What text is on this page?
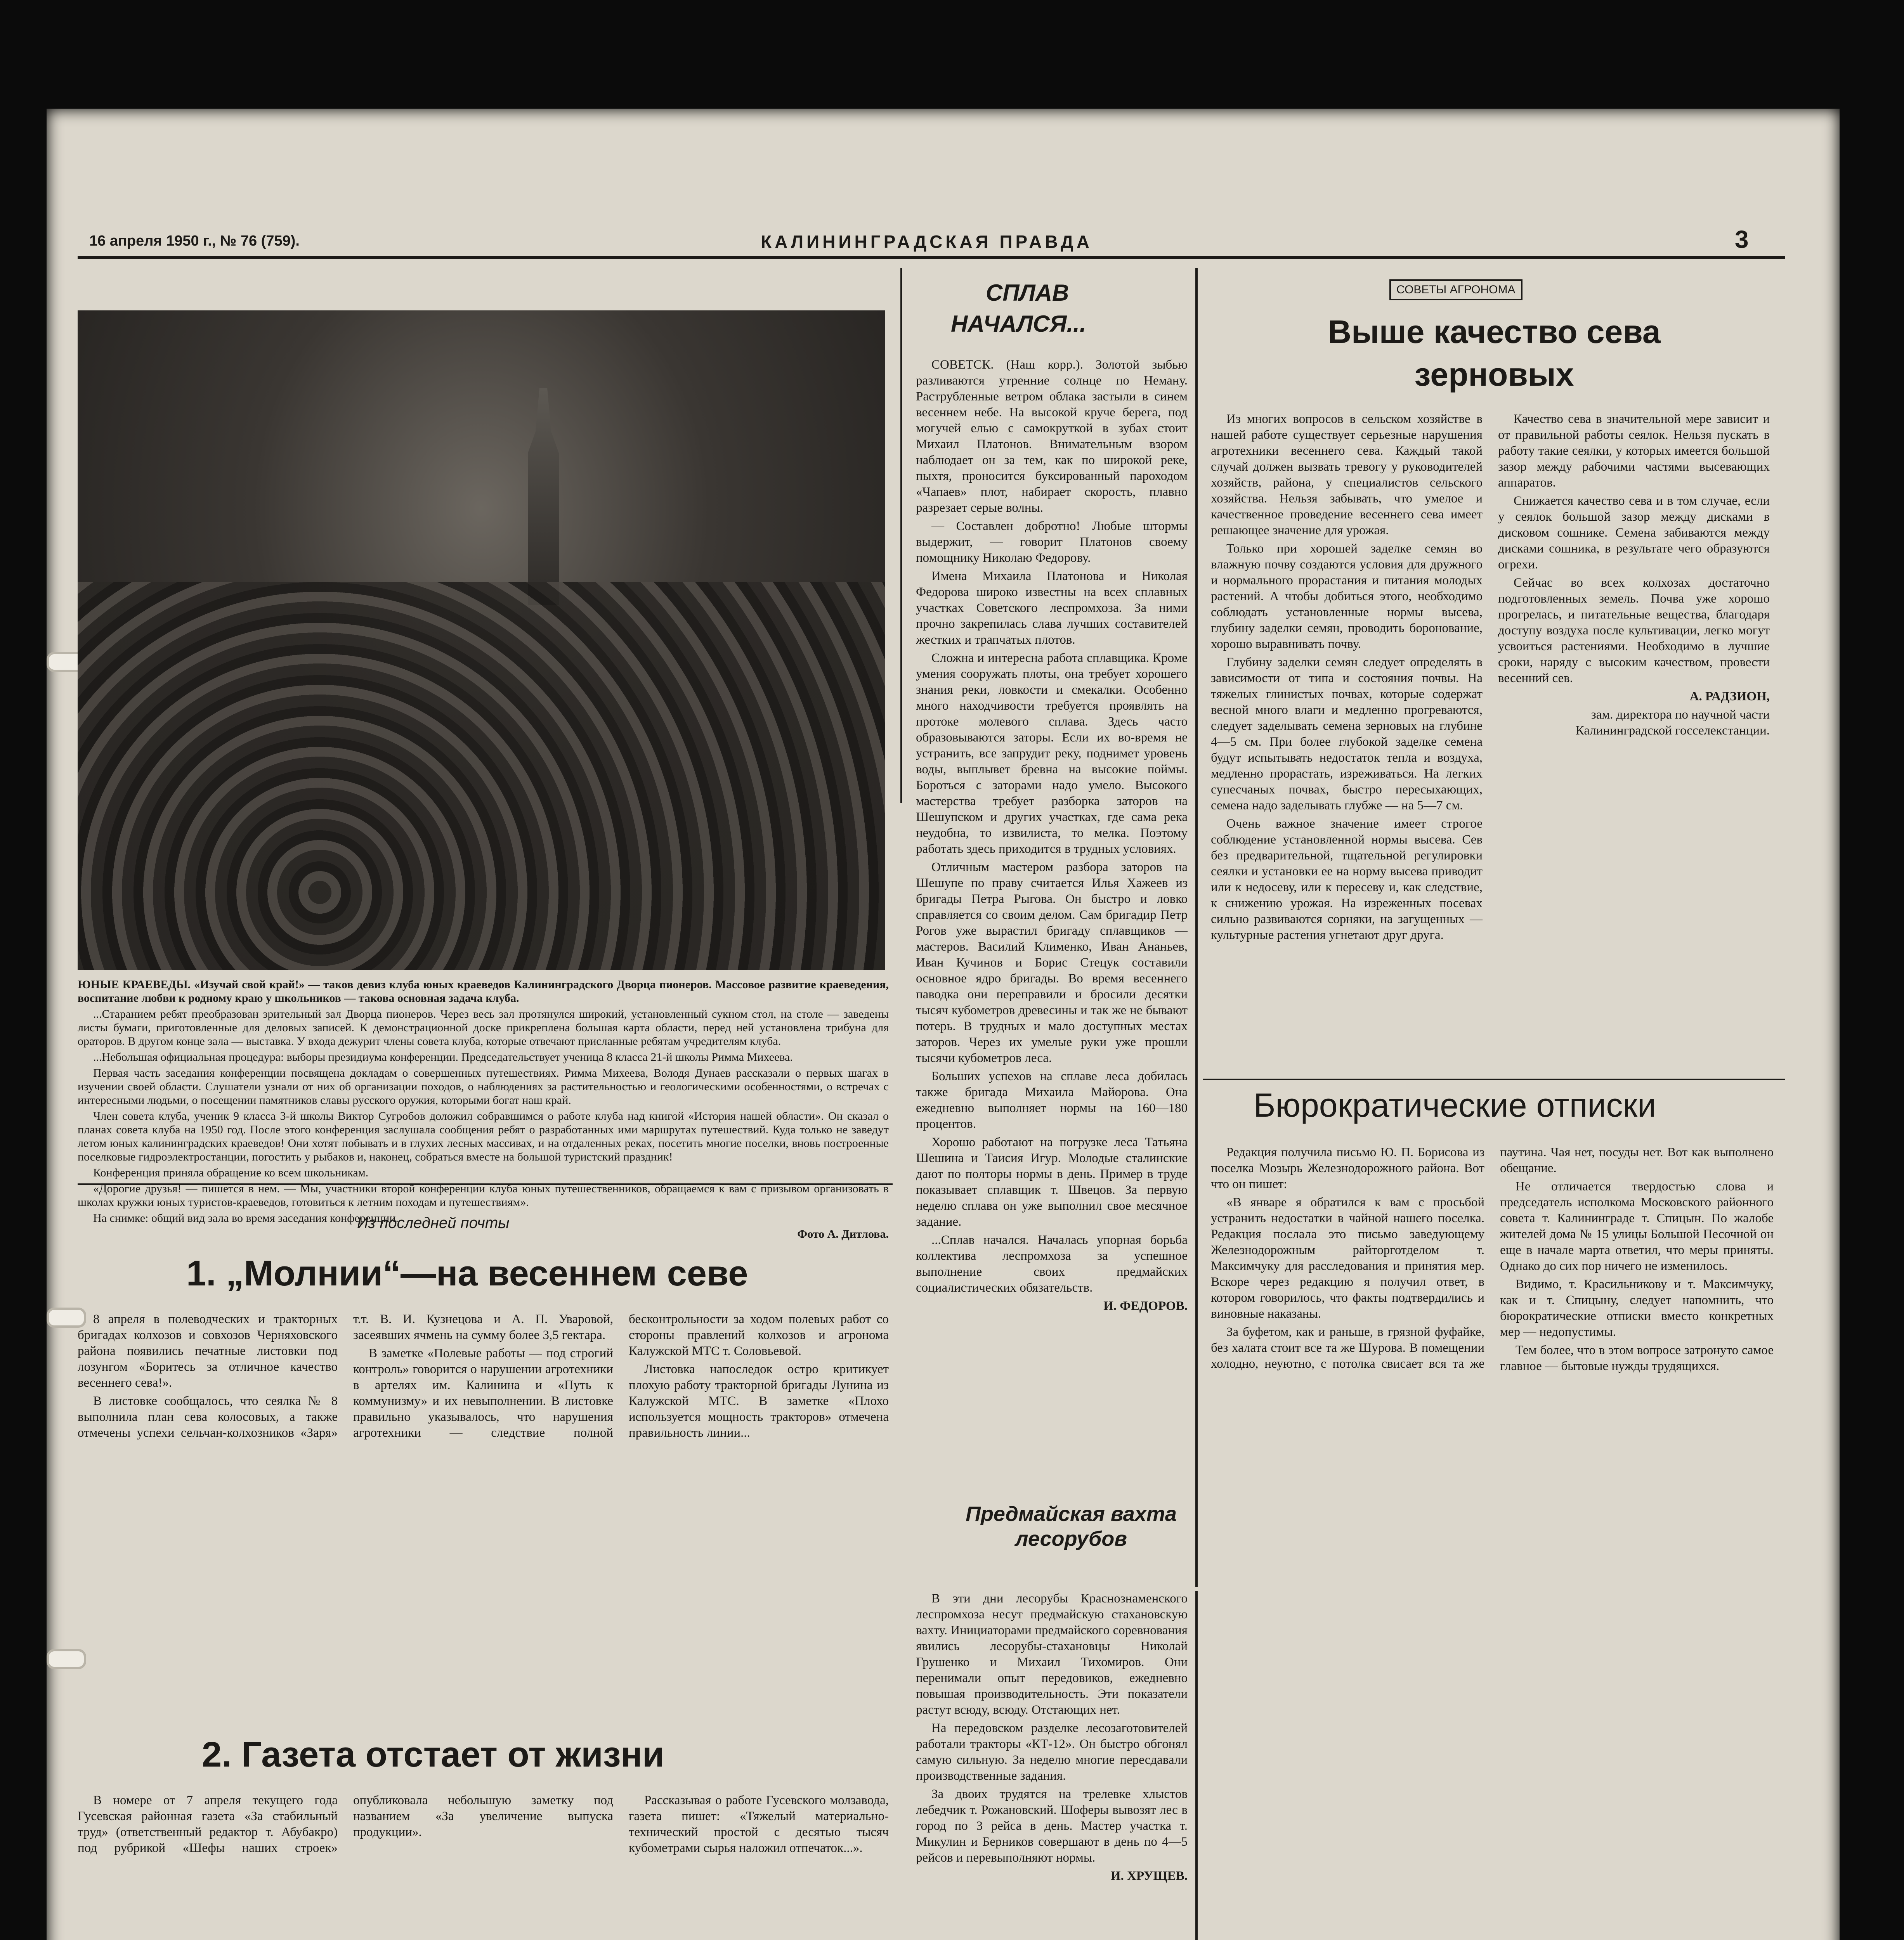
16 апреля 1950 г., № 76 (759).	КАЛИНИНГРАДСКАЯ ПРАВДА	3

ЮНЫЕ КРАЕВЕДЫ. «Изучай свой край!» — таков девиз клуба юных краеведов Калининградского Дворца пионеров. Массовое развитие краеведения, воспитание любви к родному краю у школьников — такова основная задача клуба.

...Старанием ребят преобразован зрительный зал Дворца пионеров. Через весь зал протянулся широкий, установленный сукном стол, на столе — заведены листы бумаги, приготовленные для деловых записей. К демонстрационной доске прикреплена большая карта области, перед ней установлена трибуна для ораторов. В другом конце зала — выставка. У входа дежурит члены совета клуба, которые отвечают присланные ребятам учредителям клуба.

...Небольшая официальная процедура: выборы президиума конференции. Председательствует ученица 8 класса 21-й школы Римма Михеева.

Первая часть заседания конференции посвящена докладам о совершенных путешествиях. Римма Михеева, Володя Дунаев рассказали о первых шагах в изучении своей области. Слушатели узнали от них об организации походов, о наблюдениях за растительностью и геологическими особенностями, о встречах с интересными людьми, о посещении памятников славы русского оружия, которыми богат наш край.

Член совета клуба, ученик 9 класса 3-й школы Виктор Сугробов доложил собравшимся о работе клуба над книгой «История нашей области». Он сказал о планах совета клуба на 1950 год. После этого конференция заслушала сообщения ребят о разработанных ими маршрутах путешествий. Куда только не заведут летом юных калининградских краеведов! Они хотят побывать и в глухих лесных массивах, и на отдаленных реках, посетить многие поселки, вновь построенные поселковые гидроэлектростанции, погостить у рыбаков и, наконец, собраться вместе на большой туристский праздник!

Конференция приняла обращение ко всем школьникам.

«Дорогие друзья! — пишется в нем. — Мы, участники второй конференции клуба юных путешественников, обращаемся к вам с призывом организовать в школах кружки юных туристов-краеведов, готовиться к летним походам и путешествиям».

На снимке: общий вид зала во время заседания конференции.

Фото А. Дитлова.

СПЛАВ
НАЧАЛСЯ...

СОВЕТСК. (Наш корр.). Золотой зыбью разливаются утренние солнце по Неману. Раструбленные ветром облака застыли в синем весеннем небе. На высокой круче берега, под могучей елью с самокруткой в зубах стоит Михаил Платонов. Внимательным взором наблюдает он за тем, как по широкой реке, пыхтя, проносится буксированный пароходом «Чапаев» плот, набирает скорость, плавно разрезает серые волны.

— Составлен добротно! Любые штормы выдержит, — говорит Платонов своему помощнику Николаю Федорову.

Имена Михаила Платонова и Николая Федорова широко известны на всех сплавных участках Советского леспромхоза. За ними прочно закрепилась слава лучших составителей жестких и трапчатых плотов.

Сложна и интересна работа сплавщика. Кроме умения сооружать плоты, она требует хорошего знания реки, ловкости и смекалки. Особенно много находчивости требуется проявлять на протоке молевого сплава. Здесь часто образовываются заторы. Если их во-время не устранить, все запрудит реку, поднимет уровень воды, выплывет бревна на высокие поймы. Бороться с заторами надо умело. Высокого мастерства требует разборка заторов на Шешупском и других участках, где сама река неудобна, то извилиста, то мелка. Поэтому работать здесь приходится в трудных условиях.

Отличным мастером разбора заторов на Шешупе по праву считается Илья Хажеев из бригады Петра Рыгова. Он быстро и ловко справляется со своим делом. Сам бригадир Петр Рогов уже вырастил бригаду сплавщиков — мастеров. Василий Клименко, Иван Ананьев, Иван Кучинов и Борис Стецук составили основное ядро бригады. Во время весеннего паводка они переправили и бросили десятки тысяч кубометров древесины и так же не бывают потерь. В трудных и мало доступных местах заторов. Через их умелые руки уже прошли тысячи кубометров леса.

Больших успехов на сплаве леса добилась также бригада Михаила Майорова. Она ежедневно выполняет нормы на 160—180 процентов.

Хорошо работают на погрузке леса Татьяна Шешина и Таисия Игур. Молодые сталинские дают по полторы нормы в день. Пример в труде показывает сплавщик т. Швецов. За первую неделю сплава он уже выполнил свое месячное задание.

...Сплав начался. Началась упорная борьба коллектива леспромхоза за успешное выполнение своих предмайских социалистических обязательств.

И. ФЕДОРОВ.

Предмайская вахта лесорубов

В эти дни лесорубы Краснознаменского леспромхоза несут предмайскую стахановскую вахту. Инициаторами предмайского соревнования явились лесорубы-стахановцы Николай Грушенко и Михаил Тихомиров. Они перенимали опыт передовиков, ежедневно повышая производительность. Эти показатели растут всюду, всюду. Отстающих нет.

На передовском разделке лесозаготовителей работали тракторы «КТ-12». Он быстро обгонял самую сильную. За неделю многие пересдавали производственные задания.

За двоих трудятся на трелевке хлыстов лебедчик т. Рожановский. Шоферы вывозят лес в город по 3 рейса в день. Мастер участка т. Микулин и Берников совершают в день по 4—5 рейсов и перевыполняют нормы.

И. ХРУЩЕВ.

СОВЕТЫ АГРОНОМА
Выше качество сева зерновых

Из многих вопросов в сельском хозяйстве в нашей работе существует серьезные нарушения агротехники весеннего сева. Каждый такой случай должен вызвать тревогу у руководителей хозяйств, района, у специалистов сельского хозяйства. Нельзя забывать, что умелое и качественное проведение весеннего сева имеет решающее значение для урожая.

Только при хорошей заделке семян во влажную почву создаются условия для дружного и нормального прорастания и питания молодых растений. А чтобы добиться этого, необходимо соблюдать установленные нормы высева, глубину заделки семян, проводить боронование, хорошо выравнивать почву.

Глубину заделки семян следует определять в зависимости от типа и состояния почвы. На тяжелых глинистых почвах, которые содержат весной много влаги и медленно прогреваются, следует заделывать семена зерновых на глубине 4—5 см. При более глубокой заделке семена будут испытывать недостаток тепла и воздуха, медленно прорастать, изреживаться. На легких супесчаных почвах, быстро пересыхающих, семена надо заделывать глубже — на 5—7 см.

Очень важное значение имеет строгое соблюдение установленной нормы высева. Сев без предварительной, тщательной регулировки сеялки и установки ее на норму высева приводит или к недосеву, или к пересеву и, как следствие, к снижению урожая. На изреженных посевах сильно развиваются сорняки, на загущенных — культурные растения угнетают друг друга.

Качество сева в значительной мере зависит и от правильной работы сеялок. Нельзя пускать в работу такие сеялки, у которых имеется большой зазор между рабочими частями высевающих аппаратов.

Снижается качество сева и в том случае, если у сеялок большой зазор между дисками в дисковом сошнике. Семена забиваются между дисками сошника, в результате чего образуются огрехи.

Сейчас во всех колхозах достаточно подготовленных земель. Почва уже хорошо прогрелась, и питательные вещества, благодаря доступу воздуха после культивации, легко могут усвоиться растениями. Необходимо в лучшие сроки, наряду с высоким качеством, провести весенний сев.

А. РАДЗИОН,

зам. директора по научной части Калининградской госселекстанции.

Из последней почты
1. „Молнии“—на весеннем севе

8 апреля в полеводческих и тракторных бригадах колхозов и совхозов Черняховского района появились печатные листовки под лозунгом «Боритесь за отличное качество весеннего сева!».

В листовке сообщалось, что сеялка № 8 выполнила план сева колосовых, а также отмечены успехи сельчан-колхозников «Заря» т.т. В. И. Кузнецова и А. П. Уваровой, засеявших ячмень на сумму более 3,5 гектара.

В заметке «Полевые работы — под строгий контроль» говорится о нарушении агротехники в артелях им. Калинина и «Путь к коммунизму» и их невыполнении. В листовке правильно указывалось, что нарушения агротехники — следствие полной бесконтрольности за ходом полевых работ со стороны правлений колхозов и агронома Калужской МТС т. Соловьевой.

Листовка напоследок остро критикует плохую работу тракторной бригады Лунина из Калужской МТС. В заметке «Плохо используется мощность тракторов» отмечена правильность линии...

2. Газета отстает от жизни

В номере от 7 апреля текущего года Гусевская районная газета «За стабильный труд» (ответственный редактор т. Абубакро) под рубрикой «Шефы наших строек» опубликовала небольшую заметку под названием «За увеличение выпуска продукции».

Рассказывая о работе Гусевского молзавода, газета пишет: «Тяжелый материально-технический простой с десятью тысяч кубометрами сырья наложил отпечаток...».

Бюрократические отписки

Редакция получила письмо Ю. П. Борисова из поселка Мозырь Железнодорожного района. Вот что он пишет:

«В январе я обратился к вам с просьбой устранить недостатки в чайной нашего поселка. Редакция послала это письмо заведующему Железнодорожным райторготделом т. Максимчуку для расследования и принятия мер. Вскоре через редакцию я получил ответ, в котором говорилось, что факты подтвердились и виновные наказаны.

За буфетом, как и раньше, в грязной фуфайке, без халата стоит все та же Шурова. В помещении холодно, неуютно, с потолка свисает вся та же паутина. Чая нет, посуды нет. Вот как выполнено обещание.

Не отличается твердостью слова и председатель исполкома Московского районного совета т. Калининграде т. Спицын. По жалобе жителей дома № 15 улицы Большой Песочной он еще в начале марта ответил, что меры приняты. Однако до сих пор ничего не изменилось.

Видимо, т. Красильникову и т. Максимчуку, как и т. Спицыну, следует напомнить, что бюрократические отписки вместо конкретных мер — недопустимы.

Тем более, что в этом вопросе затронуто самое главное — бытовые нужды трудящихся.
